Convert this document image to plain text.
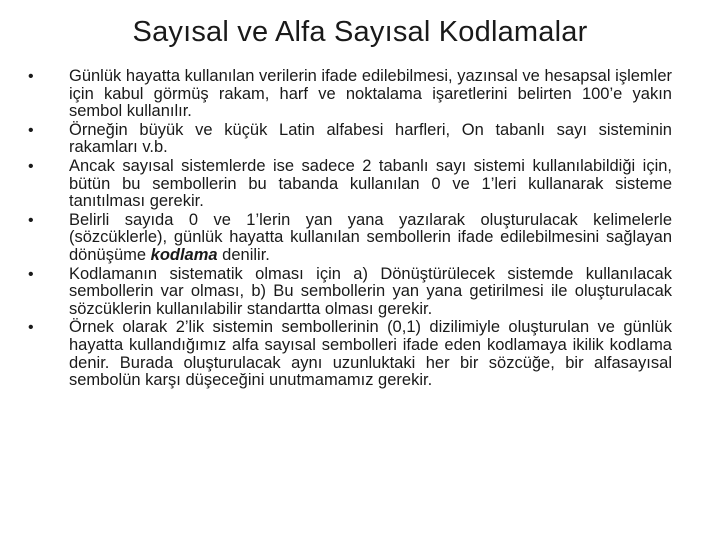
Sayısal ve Alfa Sayısal Kodlamalar
• Günlük hayatta kullanılan verilerin ifade edilebilmesi, yazınsal ve hesapsal işlemler için kabul görmüş rakam, harf ve noktalama işaretlerini belirten 100’e yakın sembol kullanılır.
• Örneğin büyük ve küçük Latin alfabesi harfleri, On tabanlı sayı sisteminin rakamları v.b.
• Ancak sayısal sistemlerde ise sadece 2 tabanlı sayı sistemi kullanılabildiği için, bütün bu sembollerin bu tabanda kullanılan 0 ve 1’leri kullanarak sisteme tanıtılması gerekir.
• Belirli sayıda 0 ve 1’lerin yan yana yazılarak oluşturulacak kelimelerle (sözcüklerle), günlük hayatta kullanılan sembollerin ifade edilebilmesini sağlayan dönüşüme kodlama denilir.
• Kodlamanın sistematik olması için a) Dönüştürülecek sistemde kullanılacak sembollerin var olması, b) Bu sembollerin yan yana getirilmesi ile oluşturulacak sözcüklerin kullanılabilir standartta olması gerekir.
• Örnek olarak 2’lik sistemin sembollerinin (0,1) dizilimiyle oluşturulan ve günlük hayatta kullandığımız alfa sayısal sembolleri ifade eden kodlamaya ikilik kodlama denir. Burada oluşturulacak aynı uzunluktaki her bir sözcüğe, bir alfasayısal sembolün karşı düşeceğini unutmamamız gerekir.
